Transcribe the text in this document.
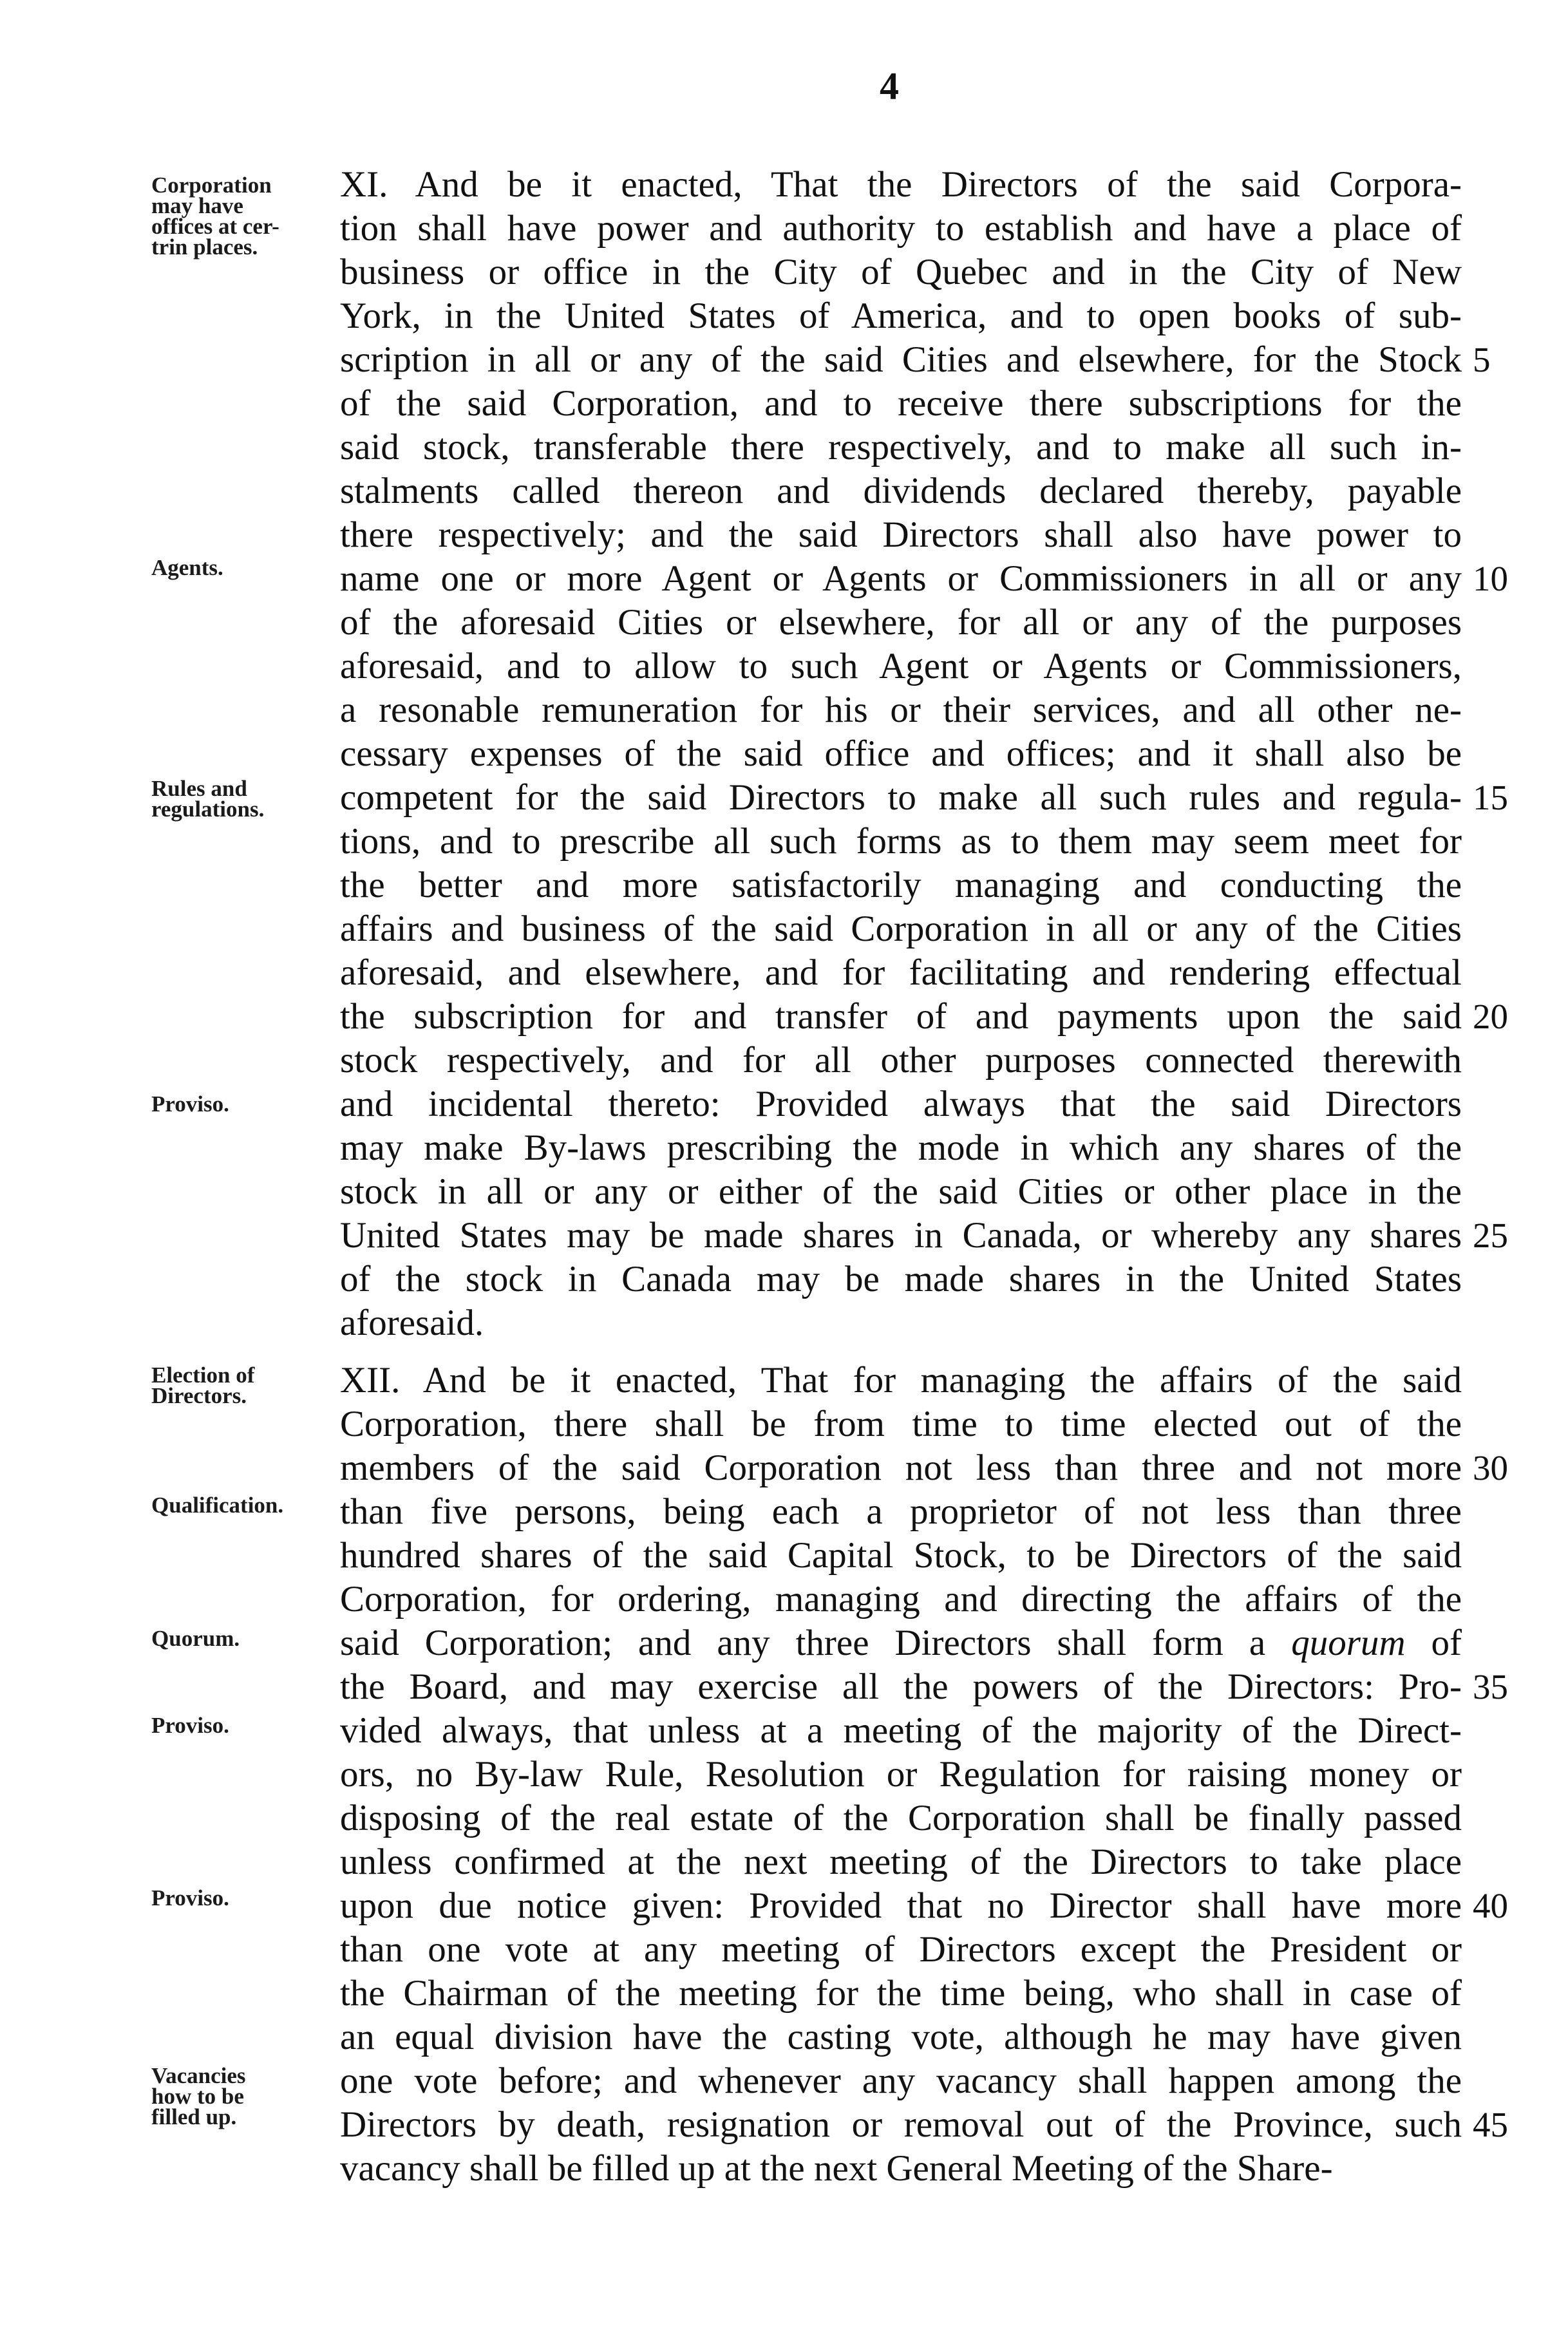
4
Corporation
may have
offices at cer-
trin places.
Agents.
Rules and
regulations.
Proviso.
Election of
Directors.
Qualification.
Quorum.
Proviso.
Proviso.
Vacancies
how to be
filled up.
XI. And be it enacted, That the Directors of the said Corpora-
tion shall have power and authority to establish and have a place of
business or office in the City of Quebec and in the City of New
York, in the United States of America, and to open books of sub-
scription in all or any of the said Cities and elsewhere, for the Stock
of the said Corporation, and to receive there subscriptions for the
said stock, transferable there respectively, and to make all such in-
stalments called thereon and dividends declared thereby, payable
there respectively; and the said Directors shall also have power to
name one or more Agent or Agents or Commissioners in all or any
of the aforesaid Cities or elsewhere, for all or any of the purposes
aforesaid, and to allow to such Agent or Agents or Commissioners,
a resonable remuneration for his or their services, and all other ne-
cessary expenses of the said office and offices; and it shall also be
competent for the said Directors to make all such rules and regula-
tions, and to prescribe all such forms as to them may seem meet for
the better and more satisfactorily managing and conducting the
affairs and business of the said Corporation in all or any of the Cities
aforesaid, and elsewhere, and for facilitating and rendering effectual
the subscription for and transfer of and payments upon the said
stock respectively, and for all other purposes connected therewith
and incidental thereto: Provided always that the said Directors
may make By-laws prescribing the mode in which any shares of the
stock in all or any or either of the said Cities or other place in the
United States may be made shares in Canada, or whereby any shares
of the stock in Canada may be made shares in the United States
aforesaid.
XII. And be it enacted, That for managing the affairs of the said
Corporation, there shall be from time to time elected out of the
members of the said Corporation not less than three and not more
than five persons, being each a proprietor of not less than three
hundred shares of the said Capital Stock, to be Directors of the said
Corporation, for ordering, managing and directing the affairs of the
said Corporation; and any three Directors shall form a quorum of
the Board, and may exercise all the powers of the Directors: Pro-
vided always, that unless at a meeting of the majority of the Direct-
ors, no By-law Rule, Resolution or Regulation for raising money or
disposing of the real estate of the Corporation shall be finally passed
unless confirmed at the next meeting of the Directors to take place
upon due notice given: Provided that no Director shall have more
than one vote at any meeting of Directors except the President or
the Chairman of the meeting for the time being, who shall in case of
an equal division have the casting vote, although he may have given
one vote before; and whenever any vacancy shall happen among the
Directors by death, resignation or removal out of the Province, such
vacancy shall be filled up at the next General Meeting of the Share-
5
10
15
20
25
30
35
40
45
